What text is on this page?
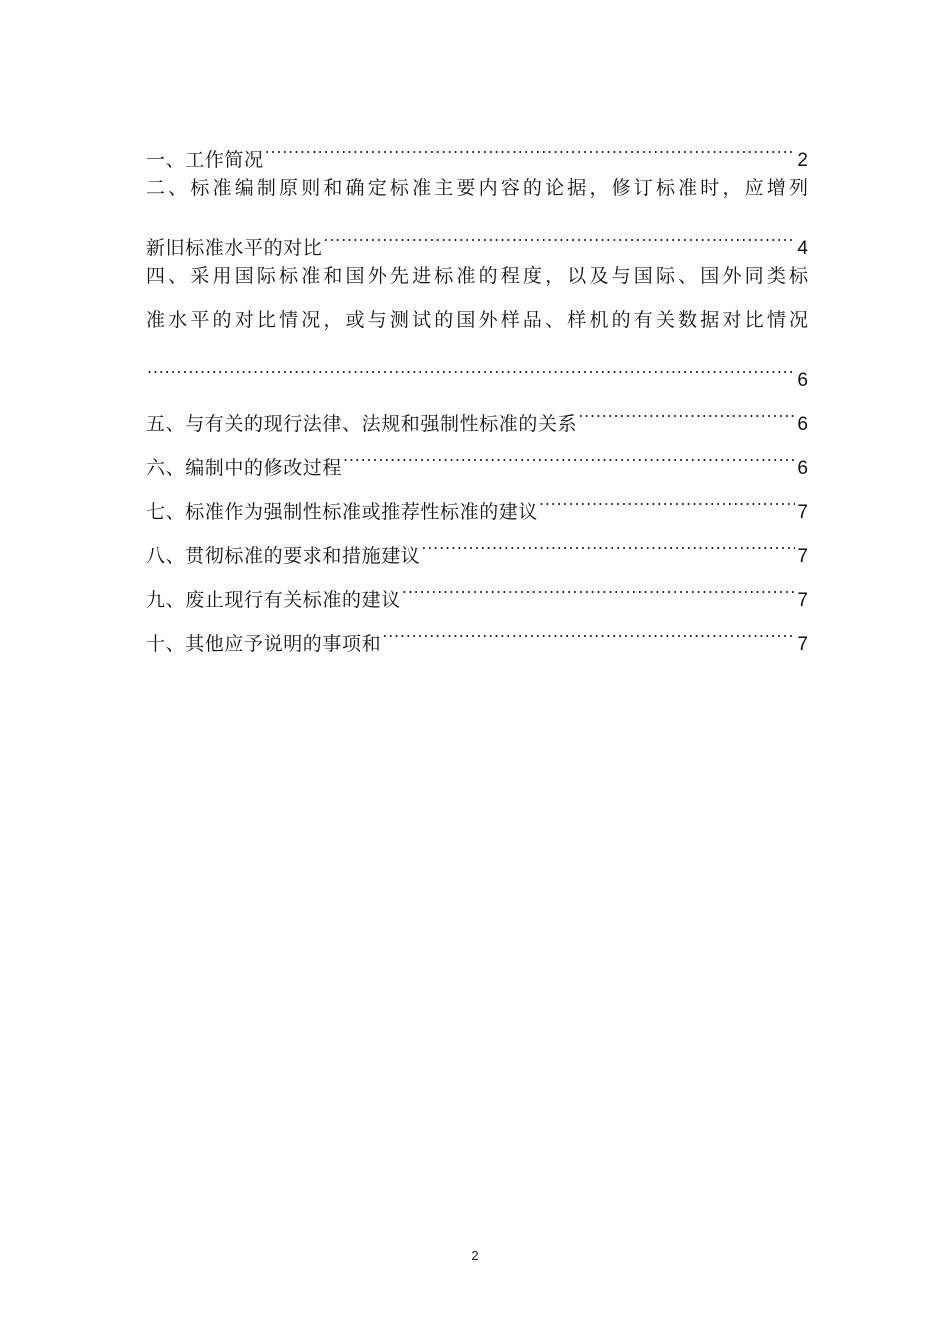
一、工作简况 .....	2
二、标准编制原则和确定标准主要内容的论据，修订标准时，应增列
新旧标准水平的对比 .....	4
四、采用国际标准和国外先进标准的程度，以及与国际、国外同类标
准水平的对比情况，或与测试的国外样品、样机的有关数据对比情况
.....
6
五、与有关的现行法律、法规和强制性标准的关系 .....	6
六、编制中的修改过程 .....	6
七、标准作为强制性标准或推荐性标准的建议 .....	7
八、贯彻标准的要求和措施建议 .....	7
九、废止现行有关标准的建议 .....	7
十、其他应予说明的事项和 .....	7
2
